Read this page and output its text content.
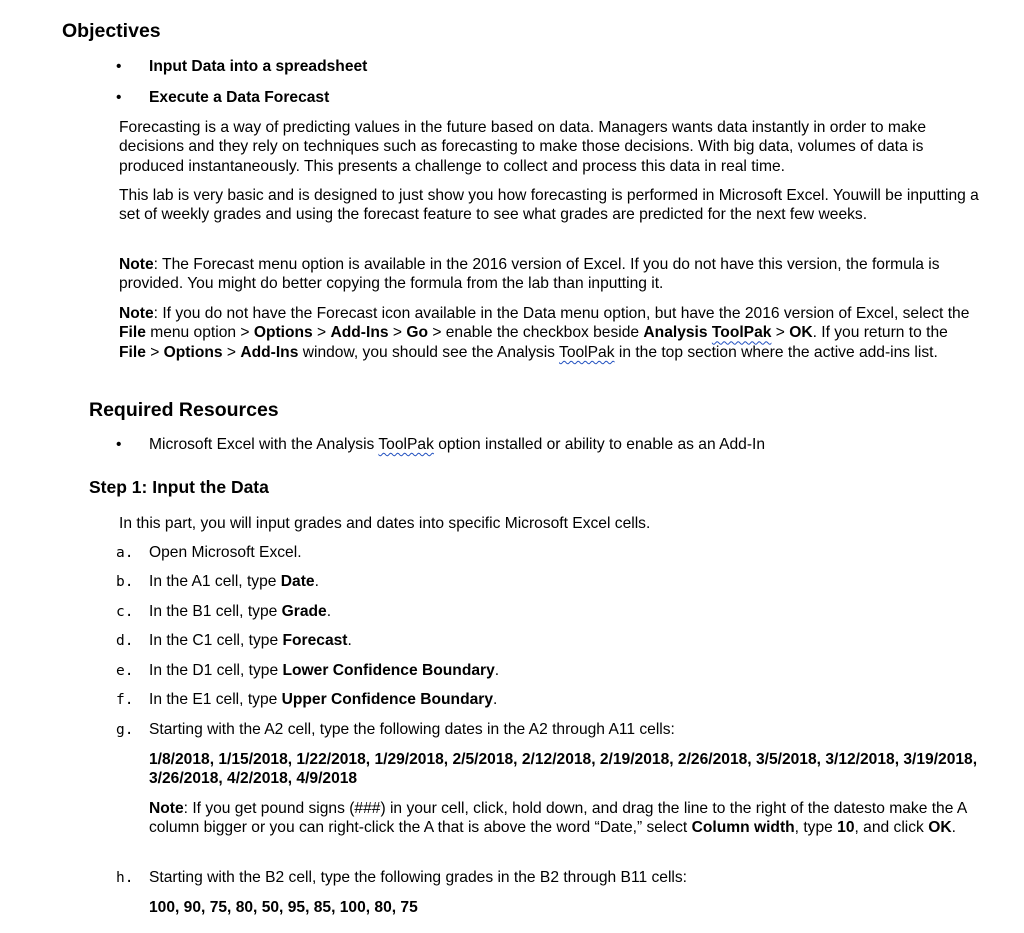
Objectives
• Input Data into a spreadsheet
• Execute a Data Forecast
Forecasting is a way of predicting values in the future based on data. Managers wants data instantly in order to make decisions and they rely on techniques such as forecasting to make those decisions. With big data, volumes of data is produced instantaneously. This presents a challenge to collect and process this data in real time.
This lab is very basic and is designed to just show you how forecasting is performed in Microsoft Excel. Youwill be inputting a set of weekly grades and using the forecast feature to see what grades are predicted for the next few weeks.
Note: The Forecast menu option is available in the 2016 version of Excel. If you do not have this version, the formula is provided. You might do better copying the formula from the lab than inputting it.
Note: If you do not have the Forecast icon available in the Data menu option, but have the 2016 version of Excel, select the File menu option > Options > Add-Ins > Go > enable the checkbox beside Analysis ToolPak > OK. If you return to the File > Options > Add-Ins window, you should see the Analysis ToolPak in the top section where the active add-ins list.
Required Resources
• Microsoft Excel with the Analysis ToolPak option installed or ability to enable as an Add-In
Step 1: Input the Data
In this part, you will input grades and dates into specific Microsoft Excel cells.
a. Open Microsoft Excel.
b. In the A1 cell, type Date.
c. In the B1 cell, type Grade.
d. In the C1 cell, type Forecast.
e. In the D1 cell, type Lower Confidence Boundary.
f. In the E1 cell, type Upper Confidence Boundary.
g. Starting with the A2 cell, type the following dates in the A2 through A11 cells:
1/8/2018, 1/15/2018, 1/22/2018, 1/29/2018, 2/5/2018, 2/12/2018, 2/19/2018, 2/26/2018, 3/5/2018, 3/12/2018, 3/19/2018, 3/26/2018, 4/2/2018, 4/9/2018
Note: If you get pound signs (###) in your cell, click, hold down, and drag the line to the right of the datesto make the A column bigger or you can right-click the A that is above the word “Date,” select Column width, type 10, and click OK.
h. Starting with the B2 cell, type the following grades in the B2 through B11 cells:
100, 90, 75, 80, 50, 95, 85, 100, 80, 75
